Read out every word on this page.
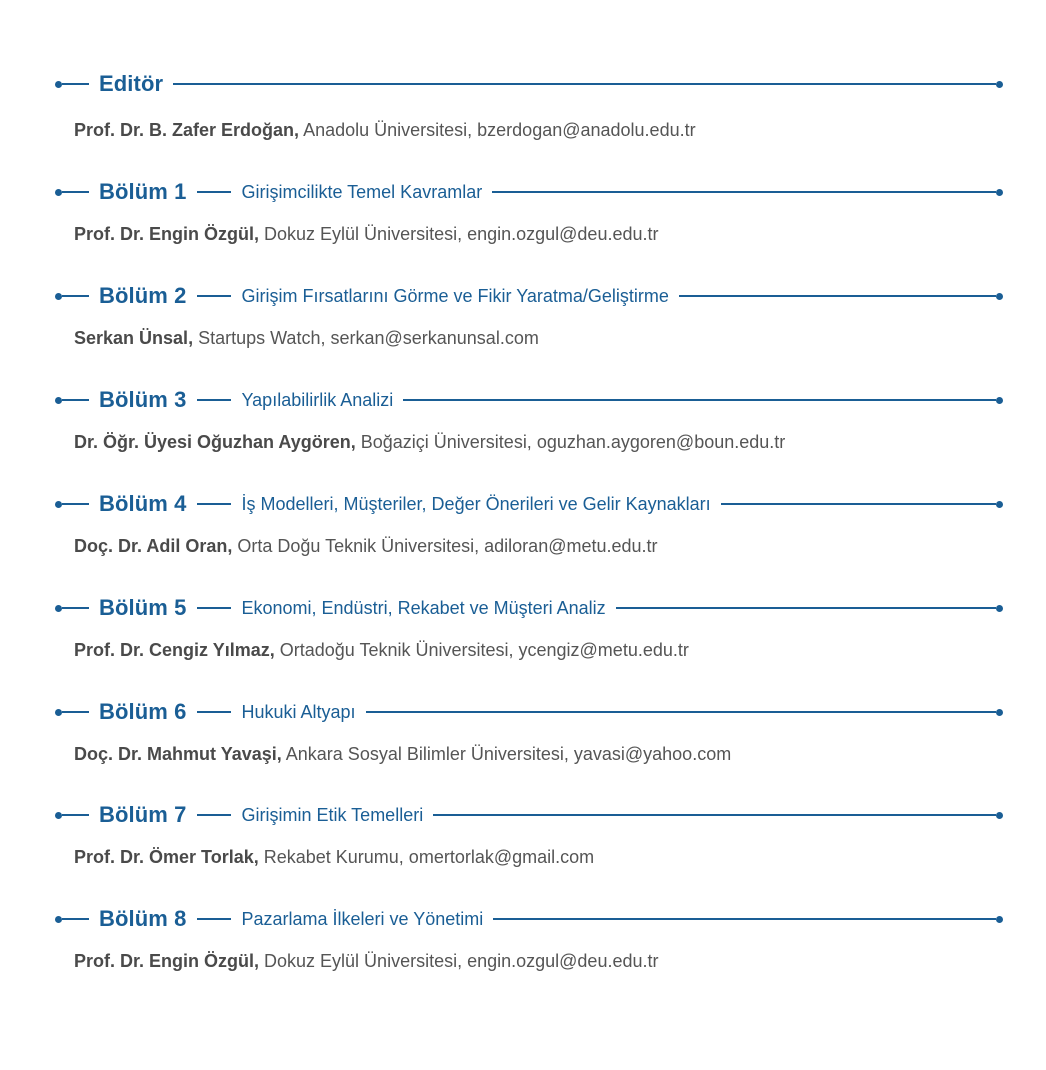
Editör
Prof. Dr. B. Zafer Erdoğan, Anadolu Üniversitesi, bzerdogan@anadolu.edu.tr
Bölüm 1	Girişimcilikte Temel Kavramlar
Prof. Dr. Engin Özgül, Dokuz Eylül Üniversitesi, engin.ozgul@deu.edu.tr
Bölüm 2	Girişim Fırsatlarını Görme ve Fikir Yaratma/Geliştirme
Serkan Ünsal, Startups Watch, serkan@serkanunsal.com
Bölüm 3	Yapılabilirlik Analizi
Dr. Öğr. Üyesi Oğuzhan Aygören, Boğaziçi Üniversitesi, oguzhan.aygoren@boun.edu.tr
Bölüm 4	İş Modelleri, Müşteriler, Değer Önerileri ve Gelir Kaynakları
Doç. Dr. Adil Oran, Orta Doğu Teknik Üniversitesi, adiloran@metu.edu.tr
Bölüm 5	Ekonomi, Endüstri, Rekabet ve Müşteri Analiz
Prof. Dr. Cengiz Yılmaz, Ortadoğu Teknik Üniversitesi, ycengiz@metu.edu.tr
Bölüm 6	Hukuki Altyapı
Doç. Dr. Mahmut Yavaşi, Ankara Sosyal Bilimler Üniversitesi, yavasi@yahoo.com
Bölüm 7	Girişimin Etik Temelleri
Prof. Dr. Ömer Torlak, Rekabet Kurumu, omertorlak@gmail.com
Bölüm 8	Pazarlama İlkeleri ve Yönetimi
Prof. Dr. Engin Özgül, Dokuz Eylül Üniversitesi, engin.ozgul@deu.edu.tr
